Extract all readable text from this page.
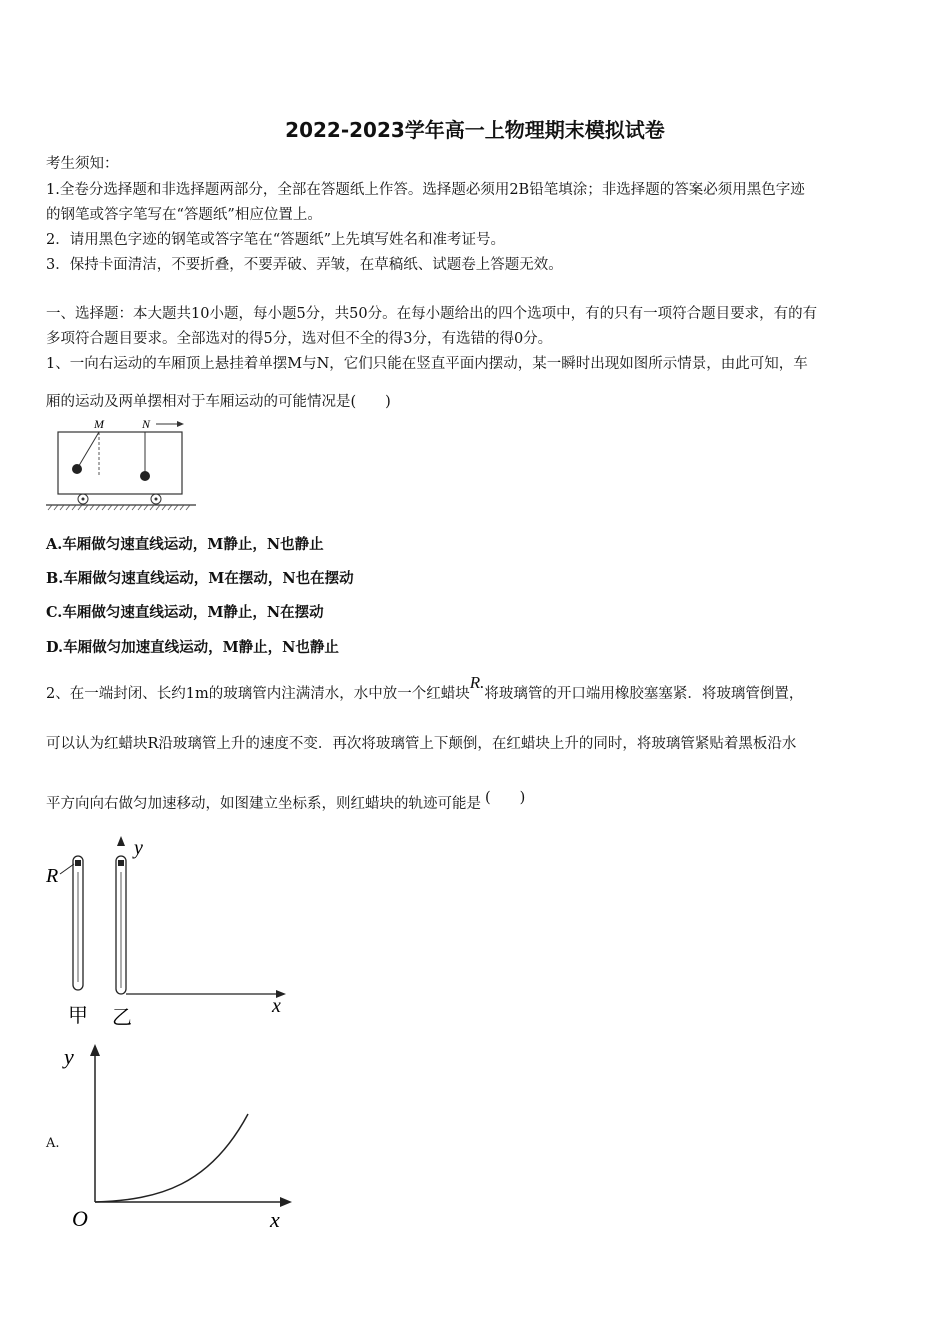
2022-2023学年高一上物理期末模拟试卷
考生须知：
1.全卷分选择题和非选择题两部分，全部在答题纸上作答。选择题必须用2B铅笔填涂；非选择题的答案必须用黑色字迹
的钢笔或答字笔写在“答题纸”相应位置上。
2．请用黑色字迹的钢笔或答字笔在“答题纸”上先填写姓名和准考证号。
3．保持卡面清洁，不要折叠，不要弄破、弄皱，在草稿纸、试题卷上答题无效。
一、选择题：本大题共10小题，每小题5分，共50分。在每小题给出的四个选项中，有的只有一项符合题目要求，有的有
多项符合题目要求。全部选对的得5分，选对但不全的得3分，有选错的得0分。
1、一向右运动的车厢顶上悬挂着单摆M与N，它们只能在竖直平面内摆动，某一瞬时出现如图所示情景，由此可知，车
厢的运动及两单摆相对于车厢运动的可能情况是(　　)
M	N
A.车厢做匀速直线运动，M静止，N也静止
B.车厢做匀速直线运动，M在摆动，N也在摆动
C.车厢做匀速直线运动，M静止，N在摆动
D.车厢做匀加速直线运动，M静止，N也静止
2、在一端封闭、长约1m的玻璃管内注满清水，水中放一个红蜡块R.将玻璃管的开口端用橡胶塞塞紧．将玻璃管倒置，
可以认为红蜡块R沿玻璃管上升的速度不变．再次将玻璃管上下颠倒，在红蜡块上升的同时，将玻璃管紧贴着黑板沿水
平方向向右做匀加速移动，如图建立坐标系，则红蜡块的轨迹可能是 (　　)
R
y
x
甲 乙
A.
y
x
O
